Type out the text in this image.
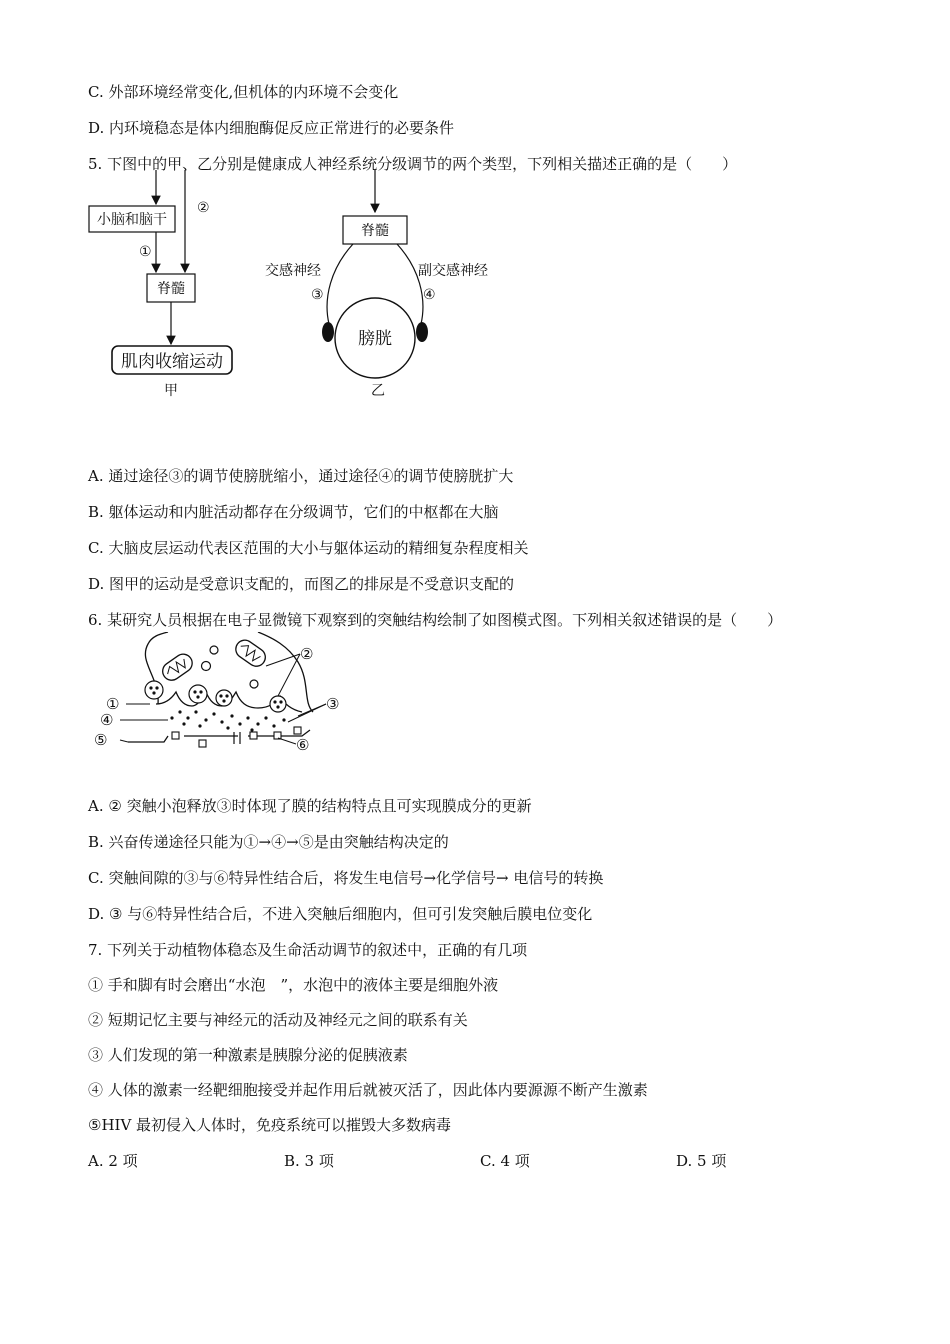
C. 外部环境经常变化,但机体的内环境不会变化
D. 内环境稳态是体内细胞酶促反应正常进行的必要条件
5. 下图中的甲、乙分别是健康成人神经系统分级调节的两个类型，下列相关描述正确的是（　　）
小脑和脑干
②
①
脊髓
肌肉收缩运动
甲
脊髓
交感神经	副交感神经
③	④
膀胱
乙
A. 通过途径③的调节使膀胱缩小，通过途径④的调节使膀胱扩大
B. 躯体运动和内脏活动都存在分级调节，它们的中枢都在大脑
C. 大脑皮层运动代表区范围的大小与躯体运动的精细复杂程度相关
D. 图甲的运动是受意识支配的，而图乙的排尿是不受意识支配的
6. 某研究人员根据在电子显微镜下观察到的突触结构绘制了如图模式图。下列相关叙述错误的是（　　）
①
②
③
④
⑤	⑥
A. ② 突触小泡释放③时体现了膜的结构特点且可实现膜成分的更新
B. 兴奋传递途径只能为①→④→⑤是由突触结构决定的
C. 突触间隙的③与⑥特异性结合后，将发生电信号→化学信号→ 电信号的转换
D. ③ 与⑥特异性结合后，不进入突触后细胞内，但可引发突触后膜电位变化
7. 下列关于动植物体稳态及生命活动调节的叙述中，正确的有几项
① 手和脚有时会磨出“水泡　”，水泡中的液体主要是细胞外液
② 短期记忆主要与神经元的活动及神经元之间的联系有关
③ 人们发现的第一种激素是胰腺分泌的促胰液素
④ 人体的激素一经靶细胞接受并起作用后就被灭活了，因此体内要源源不断产生激素
⑤HIV 最初侵入人体时，免疫系统可以摧毁大多数病毒
A. 2 项	B. 3 项	C. 4 项	D. 5 项
